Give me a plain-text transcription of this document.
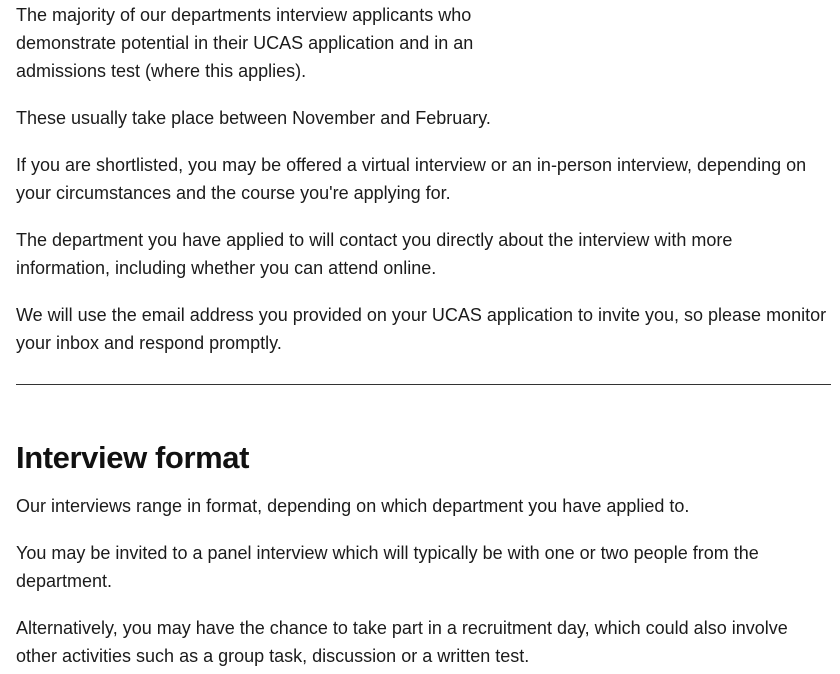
The majority of our departments interview applicants who demonstrate potential in their UCAS application and in an admissions test (where this applies).

These usually take place between November and February.

If you are shortlisted, you may be offered a virtual interview or an in-person interview, depending on your circumstances and the course you're applying for.

The department you have applied to will contact you directly about the interview with more information, including whether you can attend online.

We will use the email address you provided on your UCAS application to invite you, so please monitor your inbox and respond promptly.

Interview format

Our interviews range in format, depending on which department you have applied to.

You may be invited to a panel interview which will typically be with one or two people from the department.

Alternatively, you may have the chance to take part in a recruitment day, which could also involve other activities such as a group task, discussion or a written test.
